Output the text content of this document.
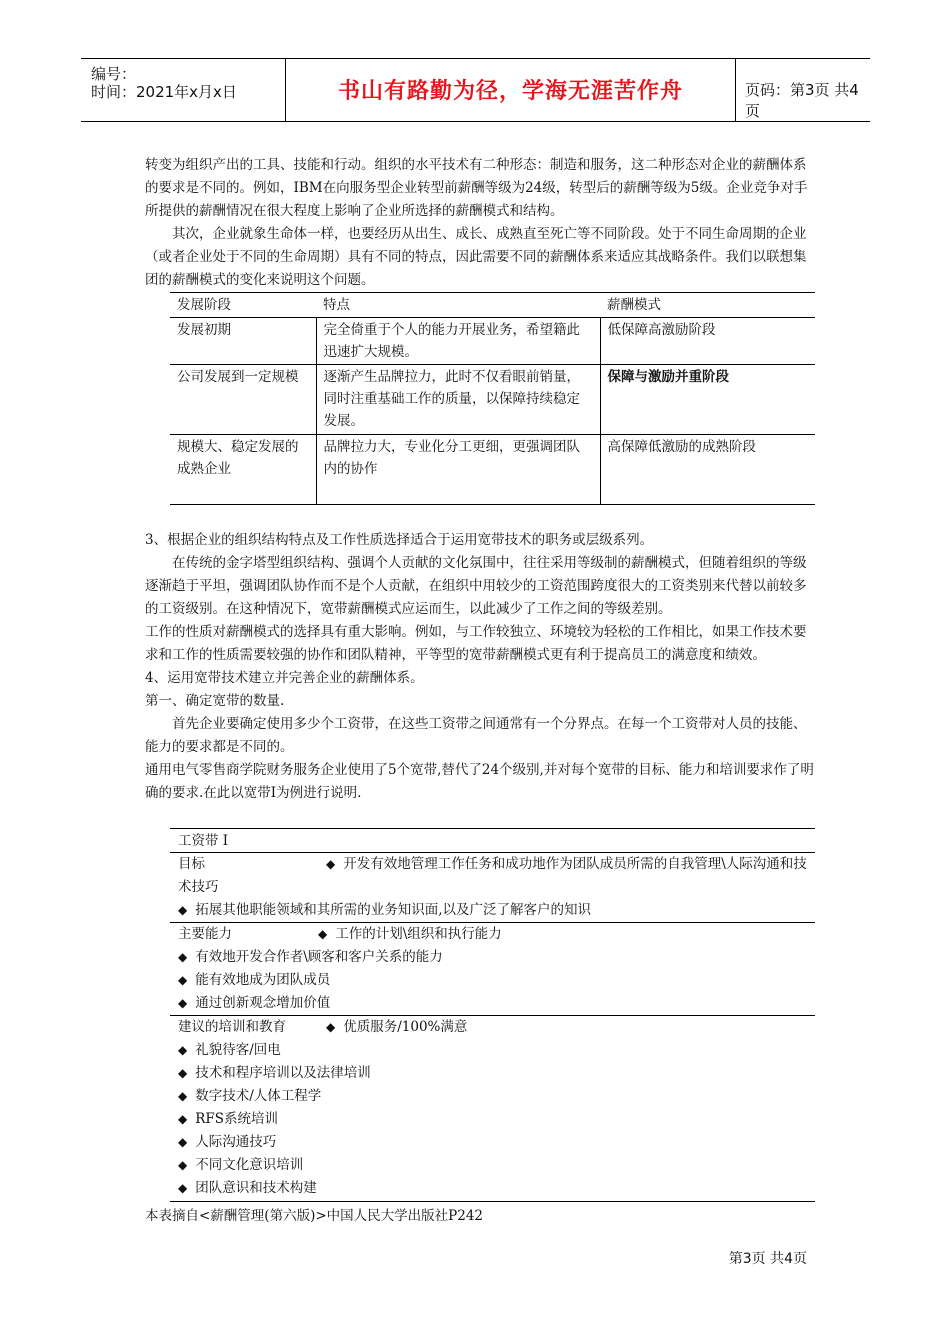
编号：
时间：2021年x月x日	书山有路勤为径，学海无涯苦作舟	页码：第3页 共4页

转变为组织产出的工具、技能和行动。组织的水平技术有二种形态：制造和服务，这二种形态对企业的薪酬体系的要求是不同的。例如，IBM在向服务型企业转型前薪酬等级为24级，转型后的薪酬等级为5级。企业竞争对手所提供的薪酬情况在很大程度上影响了企业所选择的薪酬模式和结构。

其次，企业就象生命体一样，也要经历从出生、成长、成熟直至死亡等不同阶段。处于不同生命周期的企业（或者企业处于不同的生命周期）具有不同的特点，因此需要不同的薪酬体系来适应其战略条件。我们以联想集团的薪酬模式的变化来说明这个问题。

发展阶段	特点	薪酬模式
发展初期	完全倚重于个人的能力开展业务，希望籍此迅速扩大规模。	低保障高激励阶段
公司发展到一定规模	逐渐产生品牌拉力，此时不仅看眼前销量，同时注重基础工作的质量，以保障持续稳定发展。	保障与激励并重阶段
规模大、稳定发展的成熟企业	品牌拉力大，专业化分工更细，更强调团队内的协作	高保障低激励的成熟阶段

3、根据企业的组织结构特点及工作性质选择适合于运用宽带技术的职务或层级系列。

在传统的金字塔型组织结构、强调个人贡献的文化氛围中，往往采用等级制的薪酬模式，但随着组织的等级逐渐趋于平坦，强调团队协作而不是个人贡献，在组织中用较少的工资范围跨度很大的工资类别来代替以前较多的工资级别。在这种情况下，宽带薪酬模式应运而生，以此减少了工作之间的等级差别。

工作的性质对薪酬模式的选择具有重大影响。例如，与工作较独立、环境较为轻松的工作相比，如果工作技术要求和工作的性质需要较强的协作和团队精神，平等型的宽带薪酬模式更有利于提高员工的满意度和绩效。

4、运用宽带技术建立并完善企业的薪酬体系。

第一、确定宽带的数量.

首先企业要确定使用多少个工资带，在这些工资带之间通常有一个分界点。在每一个工资带对人员的技能、能力的要求都是不同的。

通用电气零售商学院财务服务企业使用了5个宽带,替代了24个级别,并对每个宽带的目标、能力和培训要求作了明确的要求.在此以宽带I为例进行说明.

工资带 I
目标	◆ 开发有效地管理工作任务和成功地作为团队成员所需的自我管理\人际沟通和技术技巧
◆ 拓展其他职能领域和其所需的业务知识面,以及广泛了解客户的知识
主要能力	◆ 工作的计划\组织和执行能力
◆ 有效地开发合作者\顾客和客户关系的能力
◆ 能有效地成为团队成员
◆ 通过创新观念增加价值
建议的培训和教育	◆ 优质服务/100%满意
◆ 礼貌待客/回电
◆ 技术和程序培训以及法律培训
◆ 数字技术/人体工程学
◆ RFS系统培训
◆ 人际沟通技巧
◆ 不同文化意识培训
◆ 团队意识和技术构建
本表摘自<薪酬管理(第六版)>中国人民大学出版社P242
第3页 共4页
